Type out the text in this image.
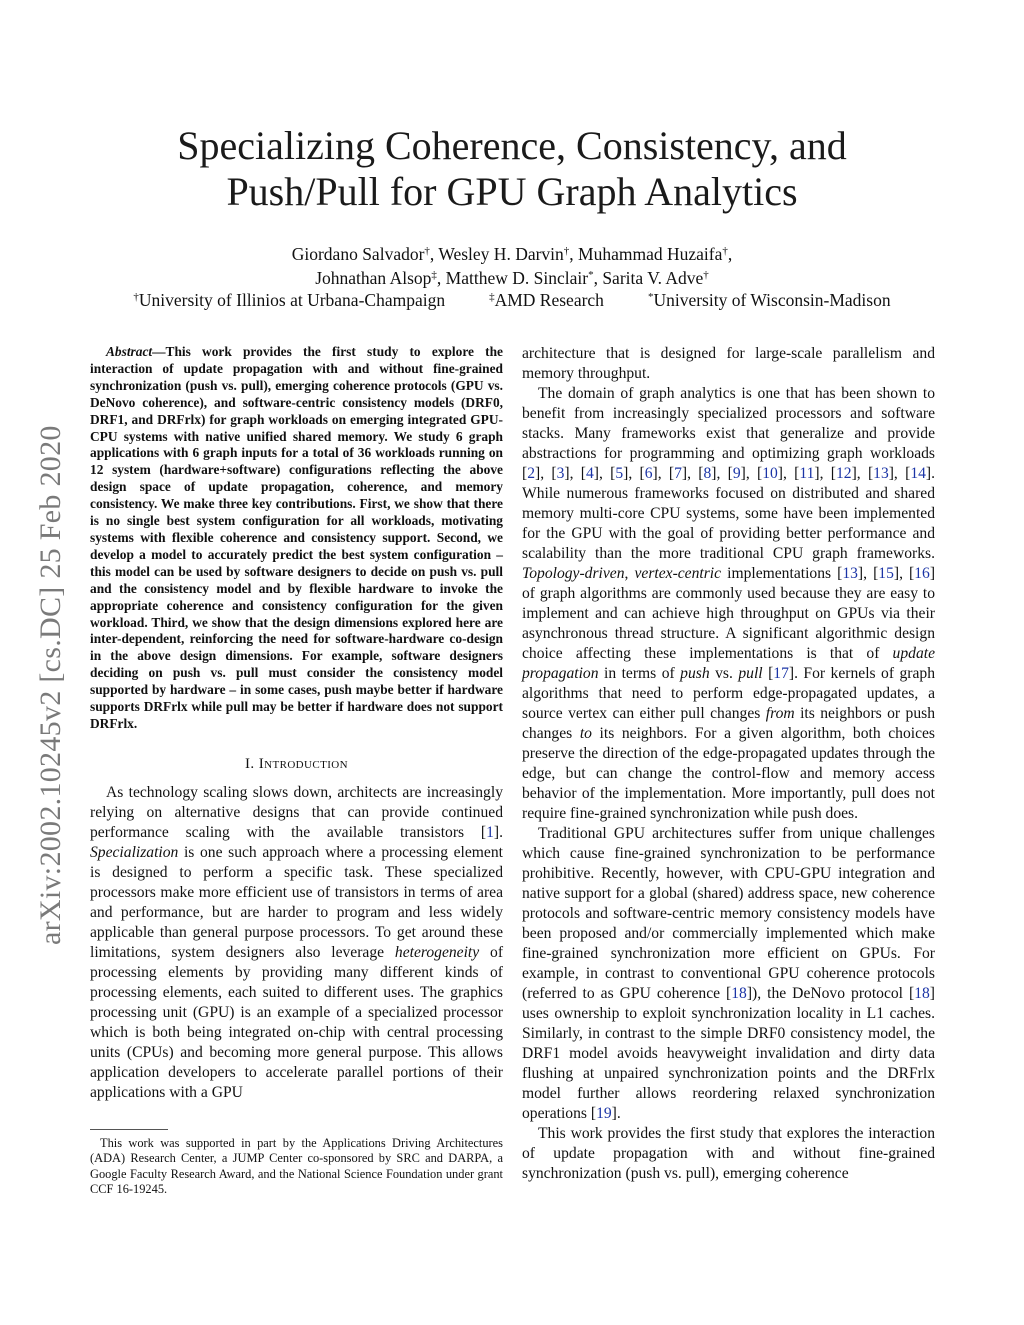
Specializing Coherence, Consistency, and
Push/Pull for GPU Graph Analytics
Giordano Salvador†, Wesley H. Darvin†, Muhammad Huzaifa†,
Johnathan Alsop‡, Matthew D. Sinclair*, Sarita V. Adve†
†University of Illinios at Urbana-Champaign	‡AMD Research	*University of Wisconsin-Madison
arXiv:2002.10245v2 [cs.DC] 25 Feb 2020
Abstract—This work provides the first study to explore the interaction of update propagation with and without fine-grained synchronization (push vs. pull), emerging coherence protocols (GPU vs. DeNovo coherence), and software-centric consistency models (DRF0, DRF1, and DRFrlx) for graph workloads on emerging integrated GPU-CPU systems with native unified shared memory. We study 6 graph applications with 6 graph inputs for a total of 36 workloads running on 12 system (hardware+software) configurations reflecting the above design space of update propagation, coherence, and memory consistency. We make three key contributions. First, we show that there is no single best system configuration for all workloads, motivating systems with flexible coherence and consistency support. Second, we develop a model to accurately predict the best system configuration – this model can be used by software designers to decide on push vs. pull and the consistency model and by flexible hardware to invoke the appropriate coherence and consistency configuration for the given workload. Third, we show that the design dimensions explored here are inter-dependent, reinforcing the need for software-hardware co-design in the above design dimensions. For example, software designers deciding on push vs. pull must consider the consistency model supported by hardware – in some cases, push maybe better if hardware supports DRFrlx while pull may be better if hardware does not support DRFrlx.
I. Introduction

As technology scaling slows down, architects are increasingly relying on alternative designs that can provide continued performance scaling with the available transistors [1]. Specialization is one such approach where a processing element is designed to perform a specific task. These specialized processors make more efficient use of transistors in terms of area and performance, but are harder to program and less widely applicable than general purpose processors. To get around these limitations, system designers also leverage heterogeneity of processing elements by providing many different kinds of processing elements, each suited to different uses. The graphics processing unit (GPU) is an example of a specialized processor which is both being integrated on-chip with central processing units (CPUs) and becoming more general purpose. This allows application developers to accelerate parallel portions of their applications with a GPU

This work was supported in part by the Applications Driving Architectures (ADA) Research Center, a JUMP Center co-sponsored by SRC and DARPA, a Google Faculty Research Award, and the National Science Foundation under grant CCF 16-19245.

architecture that is designed for large-scale parallelism and memory throughput.

The domain of graph analytics is one that has been shown to benefit from increasingly specialized processors and software stacks. Many frameworks exist that generalize and provide abstractions for programming and optimizing graph workloads [2], [3], [4], [5], [6], [7], [8], [9], [10], [11], [12], [13], [14]. While numerous frameworks focused on distributed and shared memory multi-core CPU systems, some have been implemented for the GPU with the goal of providing better performance and scalability than the more traditional CPU graph frameworks. Topology-driven, vertex-centric implementations [13], [15], [16] of graph algorithms are commonly used because they are easy to implement and can achieve high throughput on GPUs via their asynchronous thread structure. A significant algorithmic design choice affecting these implementations is that of update propagation in terms of push vs. pull [17]. For kernels of graph algorithms that need to perform edge-propagated updates, a source vertex can either pull changes from its neighbors or push changes to its neighbors. For a given algorithm, both choices preserve the direction of the edge-propagated updates through the edge, but can change the control-flow and memory access behavior of the implementation. More importantly, pull does not require fine-grained synchronization while push does.

Traditional GPU architectures suffer from unique challenges which cause fine-grained synchronization to be performance prohibitive. Recently, however, with CPU-GPU integration and native support for a global (shared) address space, new coherence protocols and software-centric memory consistency models have been proposed and/or commercially implemented which make fine-grained synchronization more efficient on GPUs. For example, in contrast to conventional GPU coherence protocols (referred to as GPU coherence [18]), the DeNovo protocol [18] uses ownership to exploit synchronization locality in L1 caches. Similarly, in contrast to the simple DRF0 consistency model, the DRF1 model avoids heavyweight invalidation and dirty data flushing at unpaired synchronization points and the DRFrlx model further allows reordering relaxed synchronization operations [19].

This work provides the first study that explores the interaction of update propagation with and without fine-grained synchronization (push vs. pull), emerging coherence
